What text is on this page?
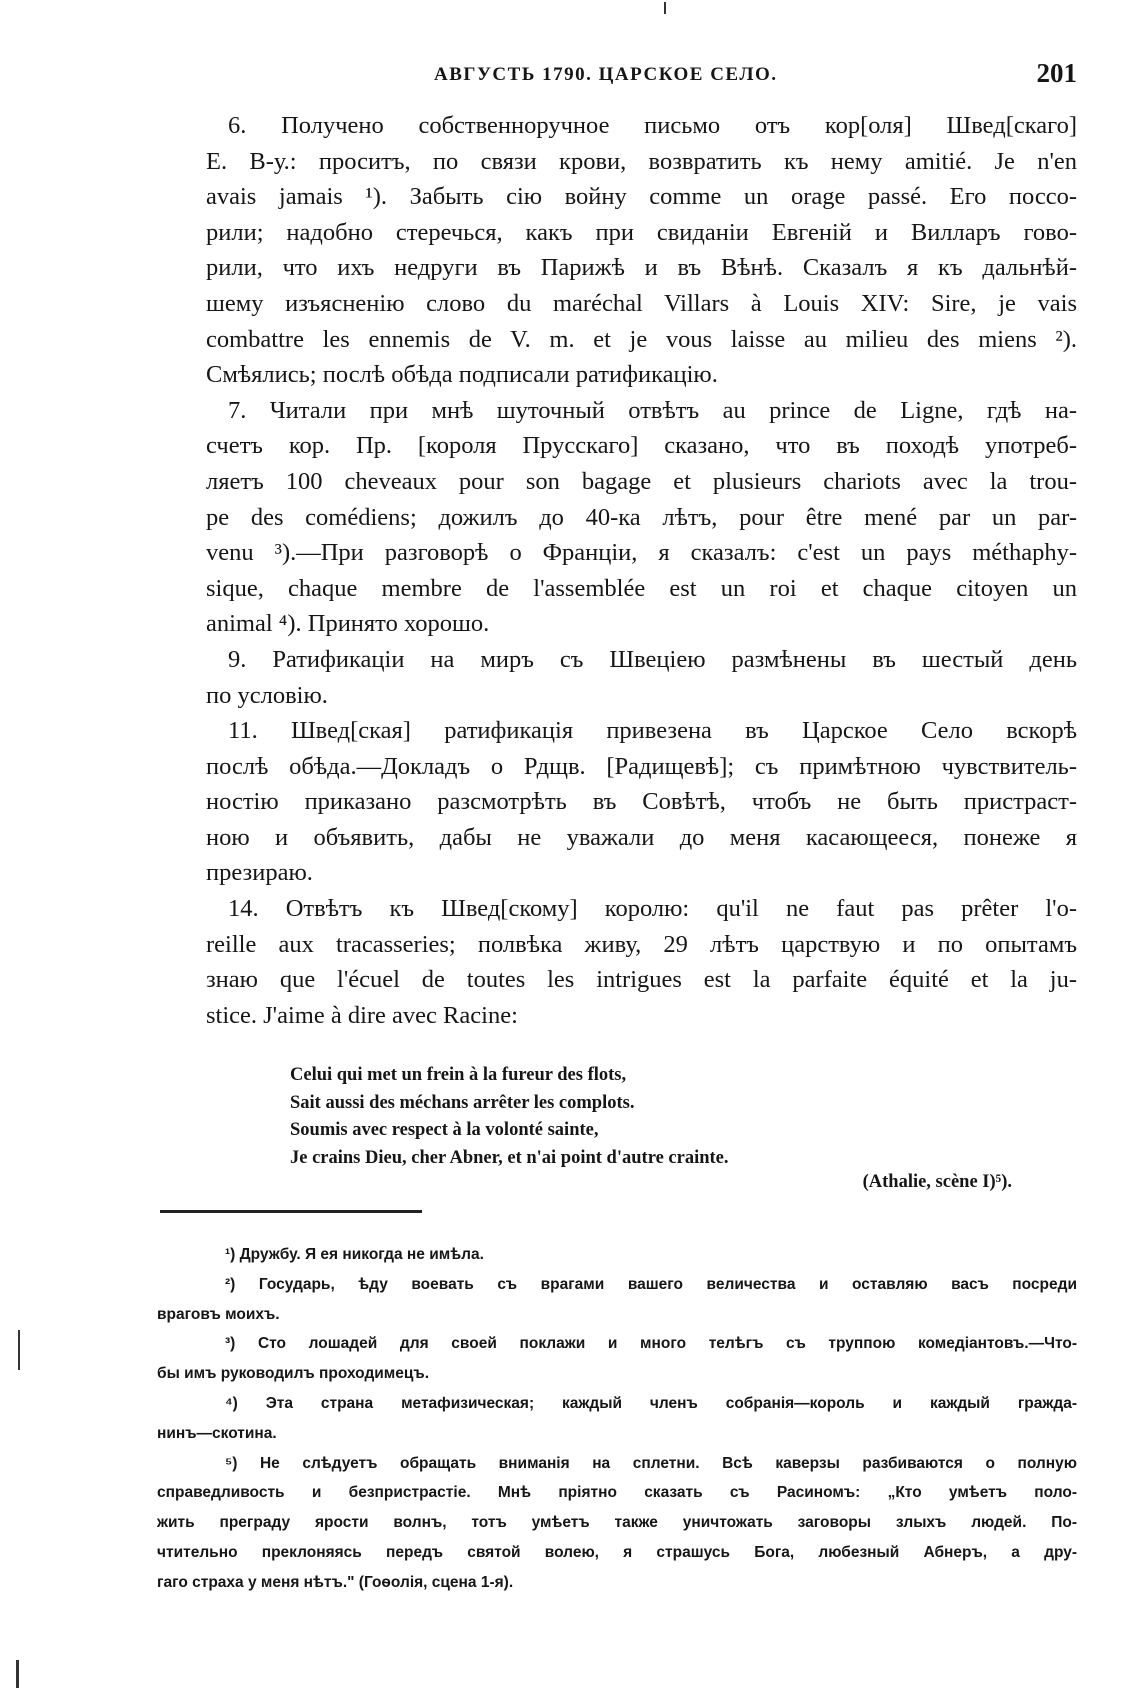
АВГУСТЬ 1790. ЦАРСКОЕ СЕЛО.	201
6. Получено собственноручное письмо отъ кор[оля] Швед[скаго]
Е. В-у.: проситъ, по связи крови, возвратить къ нему amitié. Je n'en
avais jamais ¹). Забыть сію войну comme un orage passé. Его поссо-
рили; надобно стеречься, какъ при свиданіи Евгеній и Вилларъ гово-
рили, что ихъ недруги въ Парижѣ и въ Вѣнѣ. Сказалъ я къ дальнѣй-
шему изъясненію слово du maréchal Villars à Louis XIV: Sire, je vais
combattre les ennemis de V. m. et je vous laisse au milieu des miens ²).
Смѣялись; послѣ обѣда подписали ратификацію.
7. Читали при мнѣ шуточный отвѣтъ au prince de Ligne, гдѣ на-
счетъ кор. Пр. [короля Прусскаго] сказано, что въ походѣ употреб-
ляетъ 100 cheveaux pour son bagage et plusieurs chariots avec la trou-
pe des comédiens; дожилъ до 40-ка лѣтъ, pour être mené par un par-
venu ³).—При разговорѣ о Франціи, я сказалъ: c'est un pays méthaphy-
sique, chaque membre de l'assemblée est un roi et chaque citoyen un
animal ⁴). Принято хорошо.
9. Ратификаціи на миръ съ Швеціею размѣнены въ шестый день
по условію.
11. Швед[ская] ратификація привезена въ Царское Село вскорѣ
послѣ обѣда.—Докладъ о Рдщв. [Радищевѣ]; съ примѣтною чувствитель-
ностію приказано разсмотрѣть въ Совѣтѣ, чтобъ не быть пристраст-
ною и объявить, дабы не уважали до меня касающееся, понеже я
презираю.
14. Отвѣтъ къ Швед[скому] королю: qu'il ne faut pas prêter l'o-
reille aux tracasseries; полвѣка живу, 29 лѣтъ царствую и по опытамъ
знаю que l'écuel de toutes les intrigues est la parfaite équité et la ju-
stice. J'aime à dire avec Racine:
Celui qui met un frein à la fureur des flots,
Sait aussi des méchans arrêter les complots.
Soumis avec respect à la volonté sainte,
Je crains Dieu, cher Abner, et n'ai point d'autre crainte.
(Athalie, scène I)⁵).
¹) Дружбу. Я ея никогда не имѣла.
²) Государь, ѣду воевать съ врагами вашего величества и оставляю васъ посреди
враговъ моихъ.
³) Сто лошадей для своей поклажи и много телѣгъ съ труппою комедіантовъ.—Что-
бы имъ руководилъ проходимецъ.
⁴) Эта страна метафизическая; каждый членъ собранія—король и каждый гражда-
нинъ—скотина.
⁵) Не слѣдуетъ обращать вниманія на сплетни. Всѣ каверзы разбиваются о полную
справедливость и безпристрастіе. Мнѣ пріятно сказать съ Расиномъ: „Кто умѣетъ поло-
жить преграду ярости волнъ, тотъ умѣетъ также уничтожать заговоры злыхъ людей. По-
чтительно преклоняясь передъ святой волею, я страшусь Бога, любезный Абнеръ, а дру-
гаго страха у меня нѣтъ." (Гоѳолія, сцена 1-я).
